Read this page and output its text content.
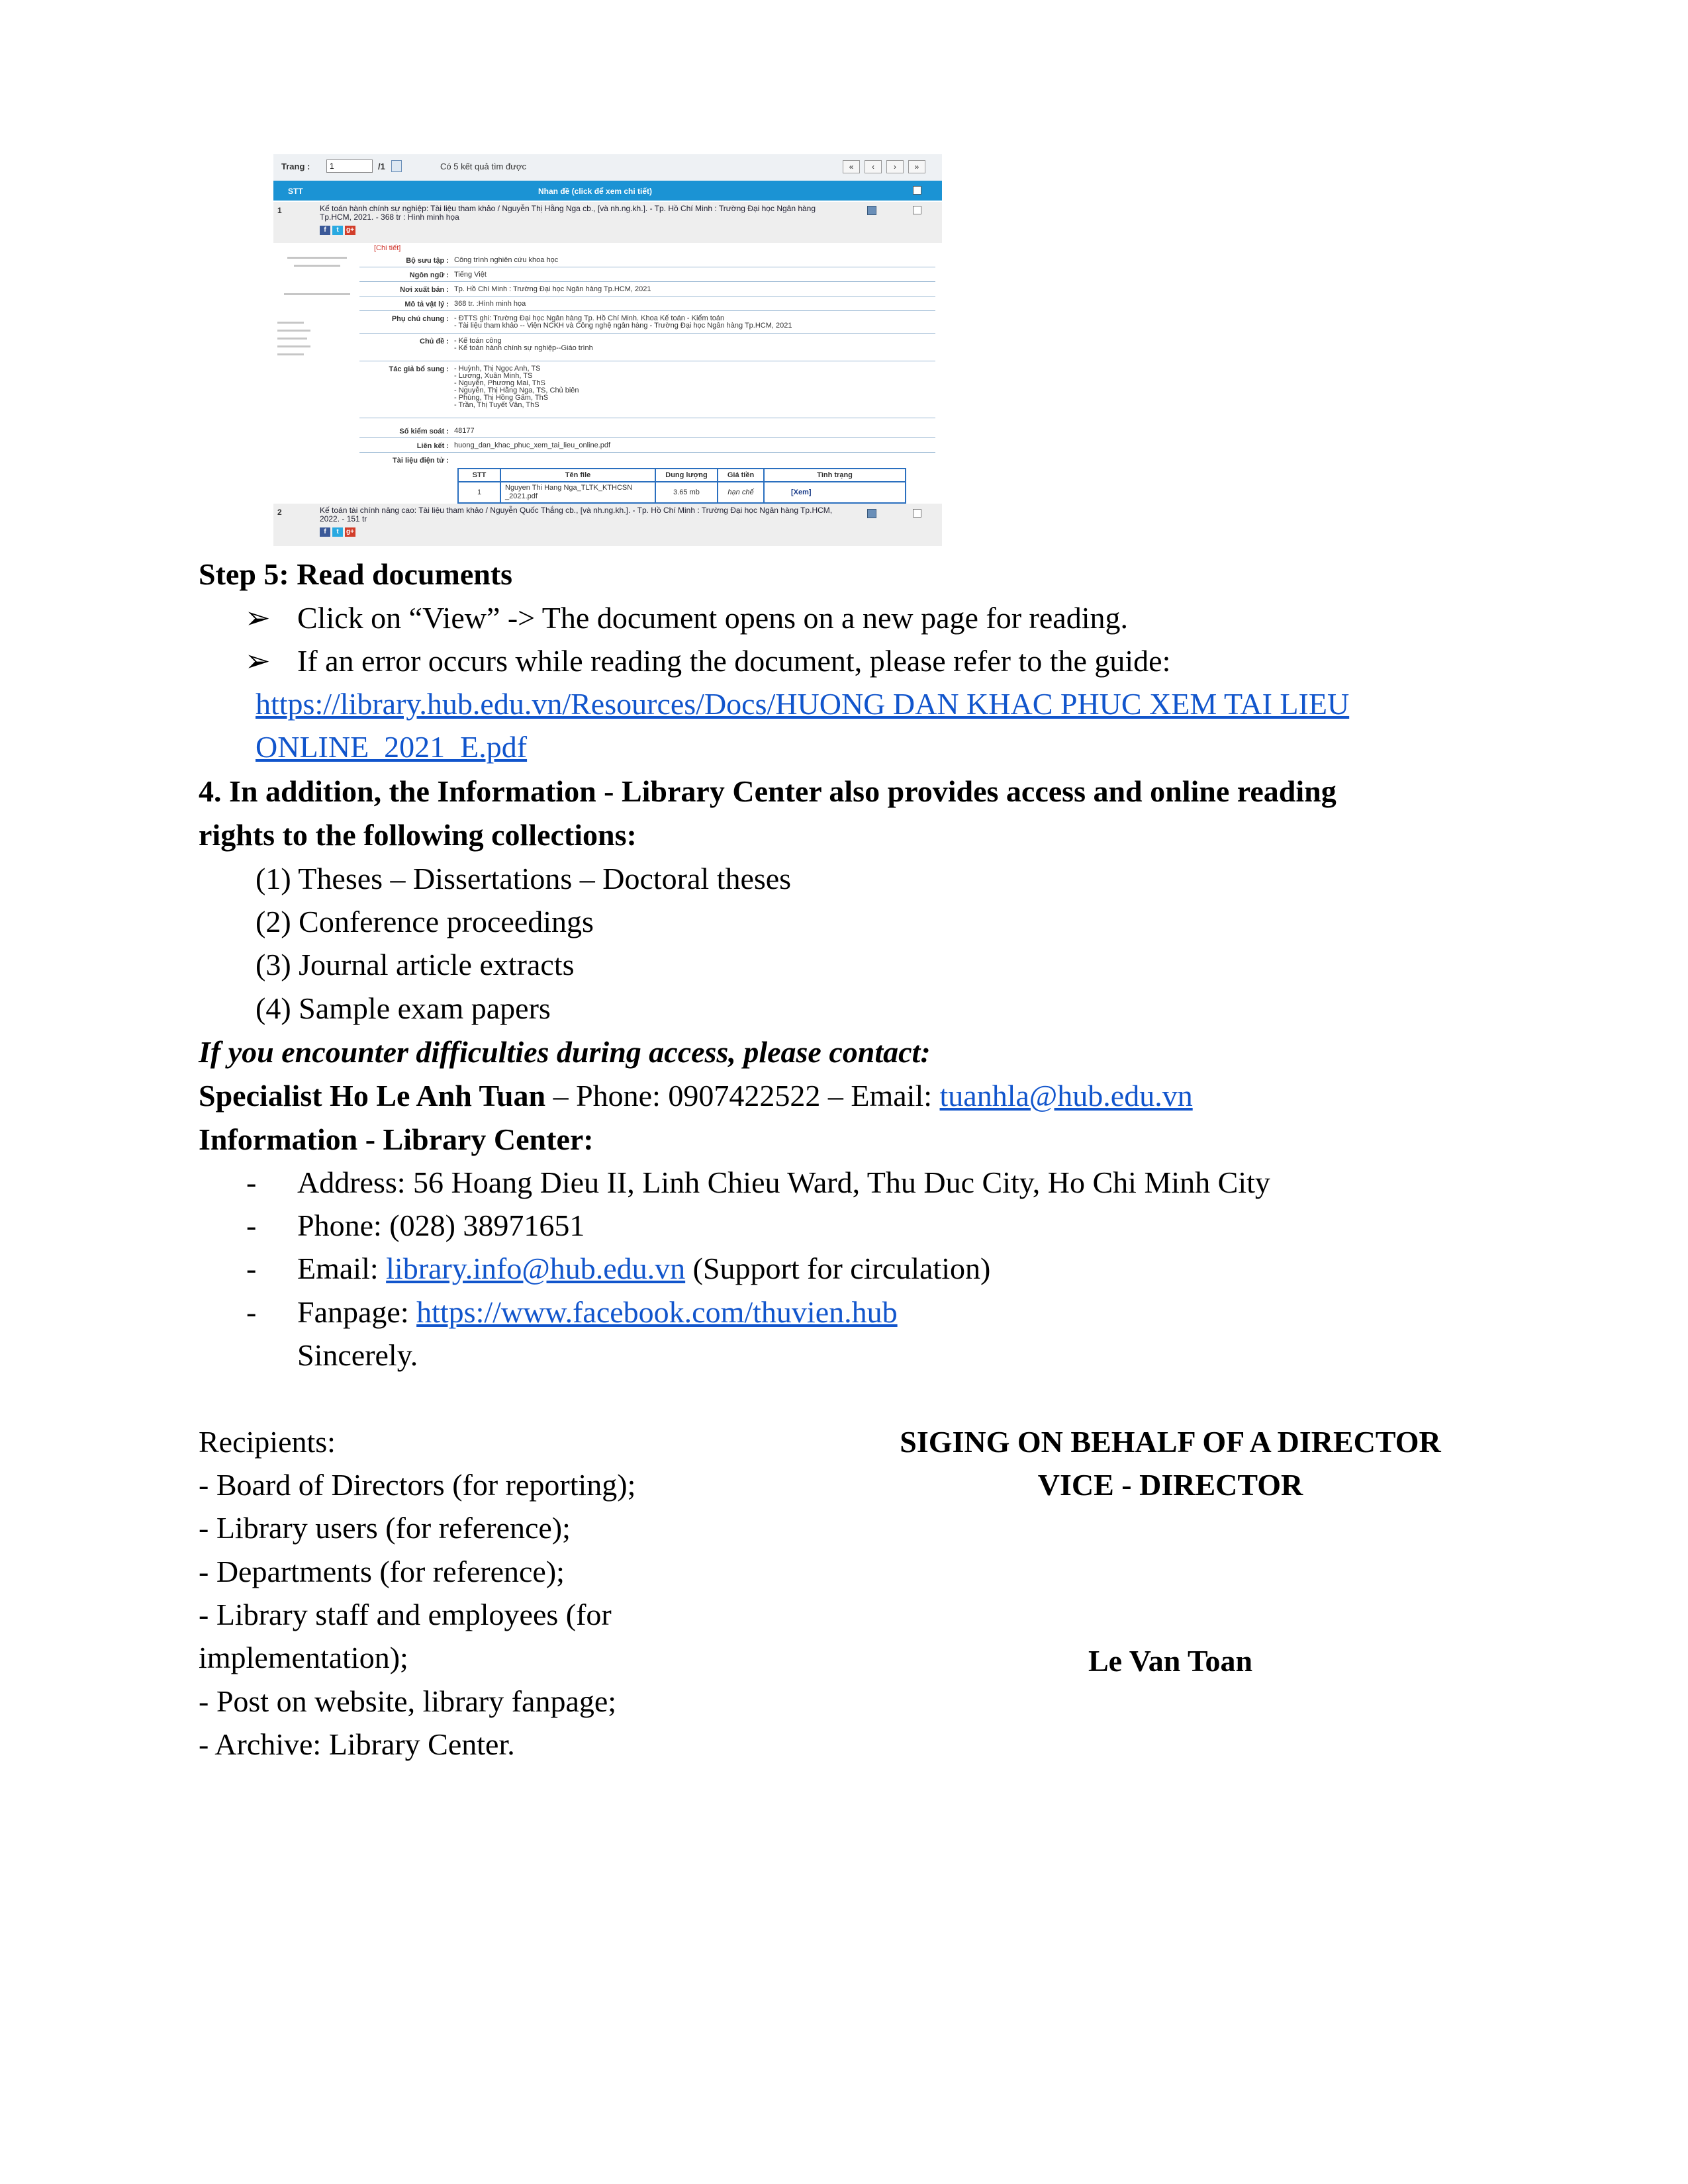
Trang :
1	/1	Có 5 kết quả tìm được	«	‹	›	»
STT	Nhan đề (click để xem chi tiết)
1	Kế toán hành chính sự nghiệp: Tài liệu tham khảo / Nguyễn Thị Hằng Nga cb., [và nh.ng.kh.]. - Tp. Hồ Chí Minh : Trường Đại học Ngân hàng Tp.HCM, 2021. - 368 tr : Hình minh họa
f	t	g+
[Chi tiết]
Bộ sưu tập : Công trình nghiên cứu khoa học
Ngôn ngữ : Tiếng Việt
Nơi xuất bản : Tp. Hồ Chí Minh : Trường Đại học Ngân hàng Tp.HCM, 2021
Mô tả vật lý : 368 tr. :Hình minh họa
Phụ chú chung : - ĐTTS ghi: Trường Đại học Ngân hàng Tp. Hồ Chí Minh. Khoa Kế toán - Kiểm toán
- Tài liệu tham khảo -- Viện NCKH và Công nghệ ngân hàng - Trường Đại học Ngân hàng Tp.HCM, 2021
Chủ đề : - Kế toán công
- Kế toán hành chính sự nghiệp--Giáo trình
Tác giả bổ sung : - Huỳnh, Thị Ngọc Anh, TS
- Lương, Xuân Minh, TS
- Nguyễn, Phương Mai, ThS
- Nguyễn, Thị Hằng Nga, TS, Chủ biên
- Phùng, Thị Hồng Gấm, ThS
- Trần, Thị Tuyết Vân, ThS
Số kiểm soát : 48177
Liên kết : huong_dan_khac_phuc_xem_tai_lieu_online.pdf
Tài liệu điện tử :
STT	Tên file	Dung lượng	Giá tiền	Tình trạng
1	Nguyen Thi Hang Nga_TLTK_KTHCSN _2021.pdf	3.65 mb	hạn chế	[Xem]
2	Kế toán tài chính nâng cao: Tài liệu tham khảo / Nguyễn Quốc Thắng cb., [và nh.ng.kh.]. - Tp. Hồ Chí Minh : Trường Đại học Ngân hàng Tp.HCM, 2022. - 151 tr
f	t	g+
Step 5: Read documents
➢ Click on “View” -> The document opens on a new page for reading.
➢ If an error occurs while reading the document, please refer to the guide:
https://library.hub.edu.vn/Resources/Docs/HUONG DAN KHAC PHUC XEM TAI LIEU
ONLINE_2021_E.pdf
4. In addition, the Information - Library Center also provides access and online reading
rights to the following collections:
(1) Theses – Dissertations – Doctoral theses
(2) Conference proceedings
(3) Journal article extracts
(4) Sample exam papers
If you encounter difficulties during access, please contact:
Specialist Ho Le Anh Tuan – Phone: 0907422522 – Email: tuanhla@hub.edu.vn
Information - Library Center:
- Address: 56 Hoang Dieu II, Linh Chieu Ward, Thu Duc City, Ho Chi Minh City
- Phone: (028) 38971651
- Email: library.info@hub.edu.vn (Support for circulation)
- Fanpage: https://www.facebook.com/thuvien.hub
Sincerely.
Recipients:
- Board of Directors (for reporting);
- Library users (for reference);
- Departments (for reference);
- Library staff and employees (for
implementation);
- Post on website, library fanpage;
- Archive: Library Center.
SIGING ON BEHALF OF A DIRECTOR
VICE - DIRECTOR
Le Van Toan
